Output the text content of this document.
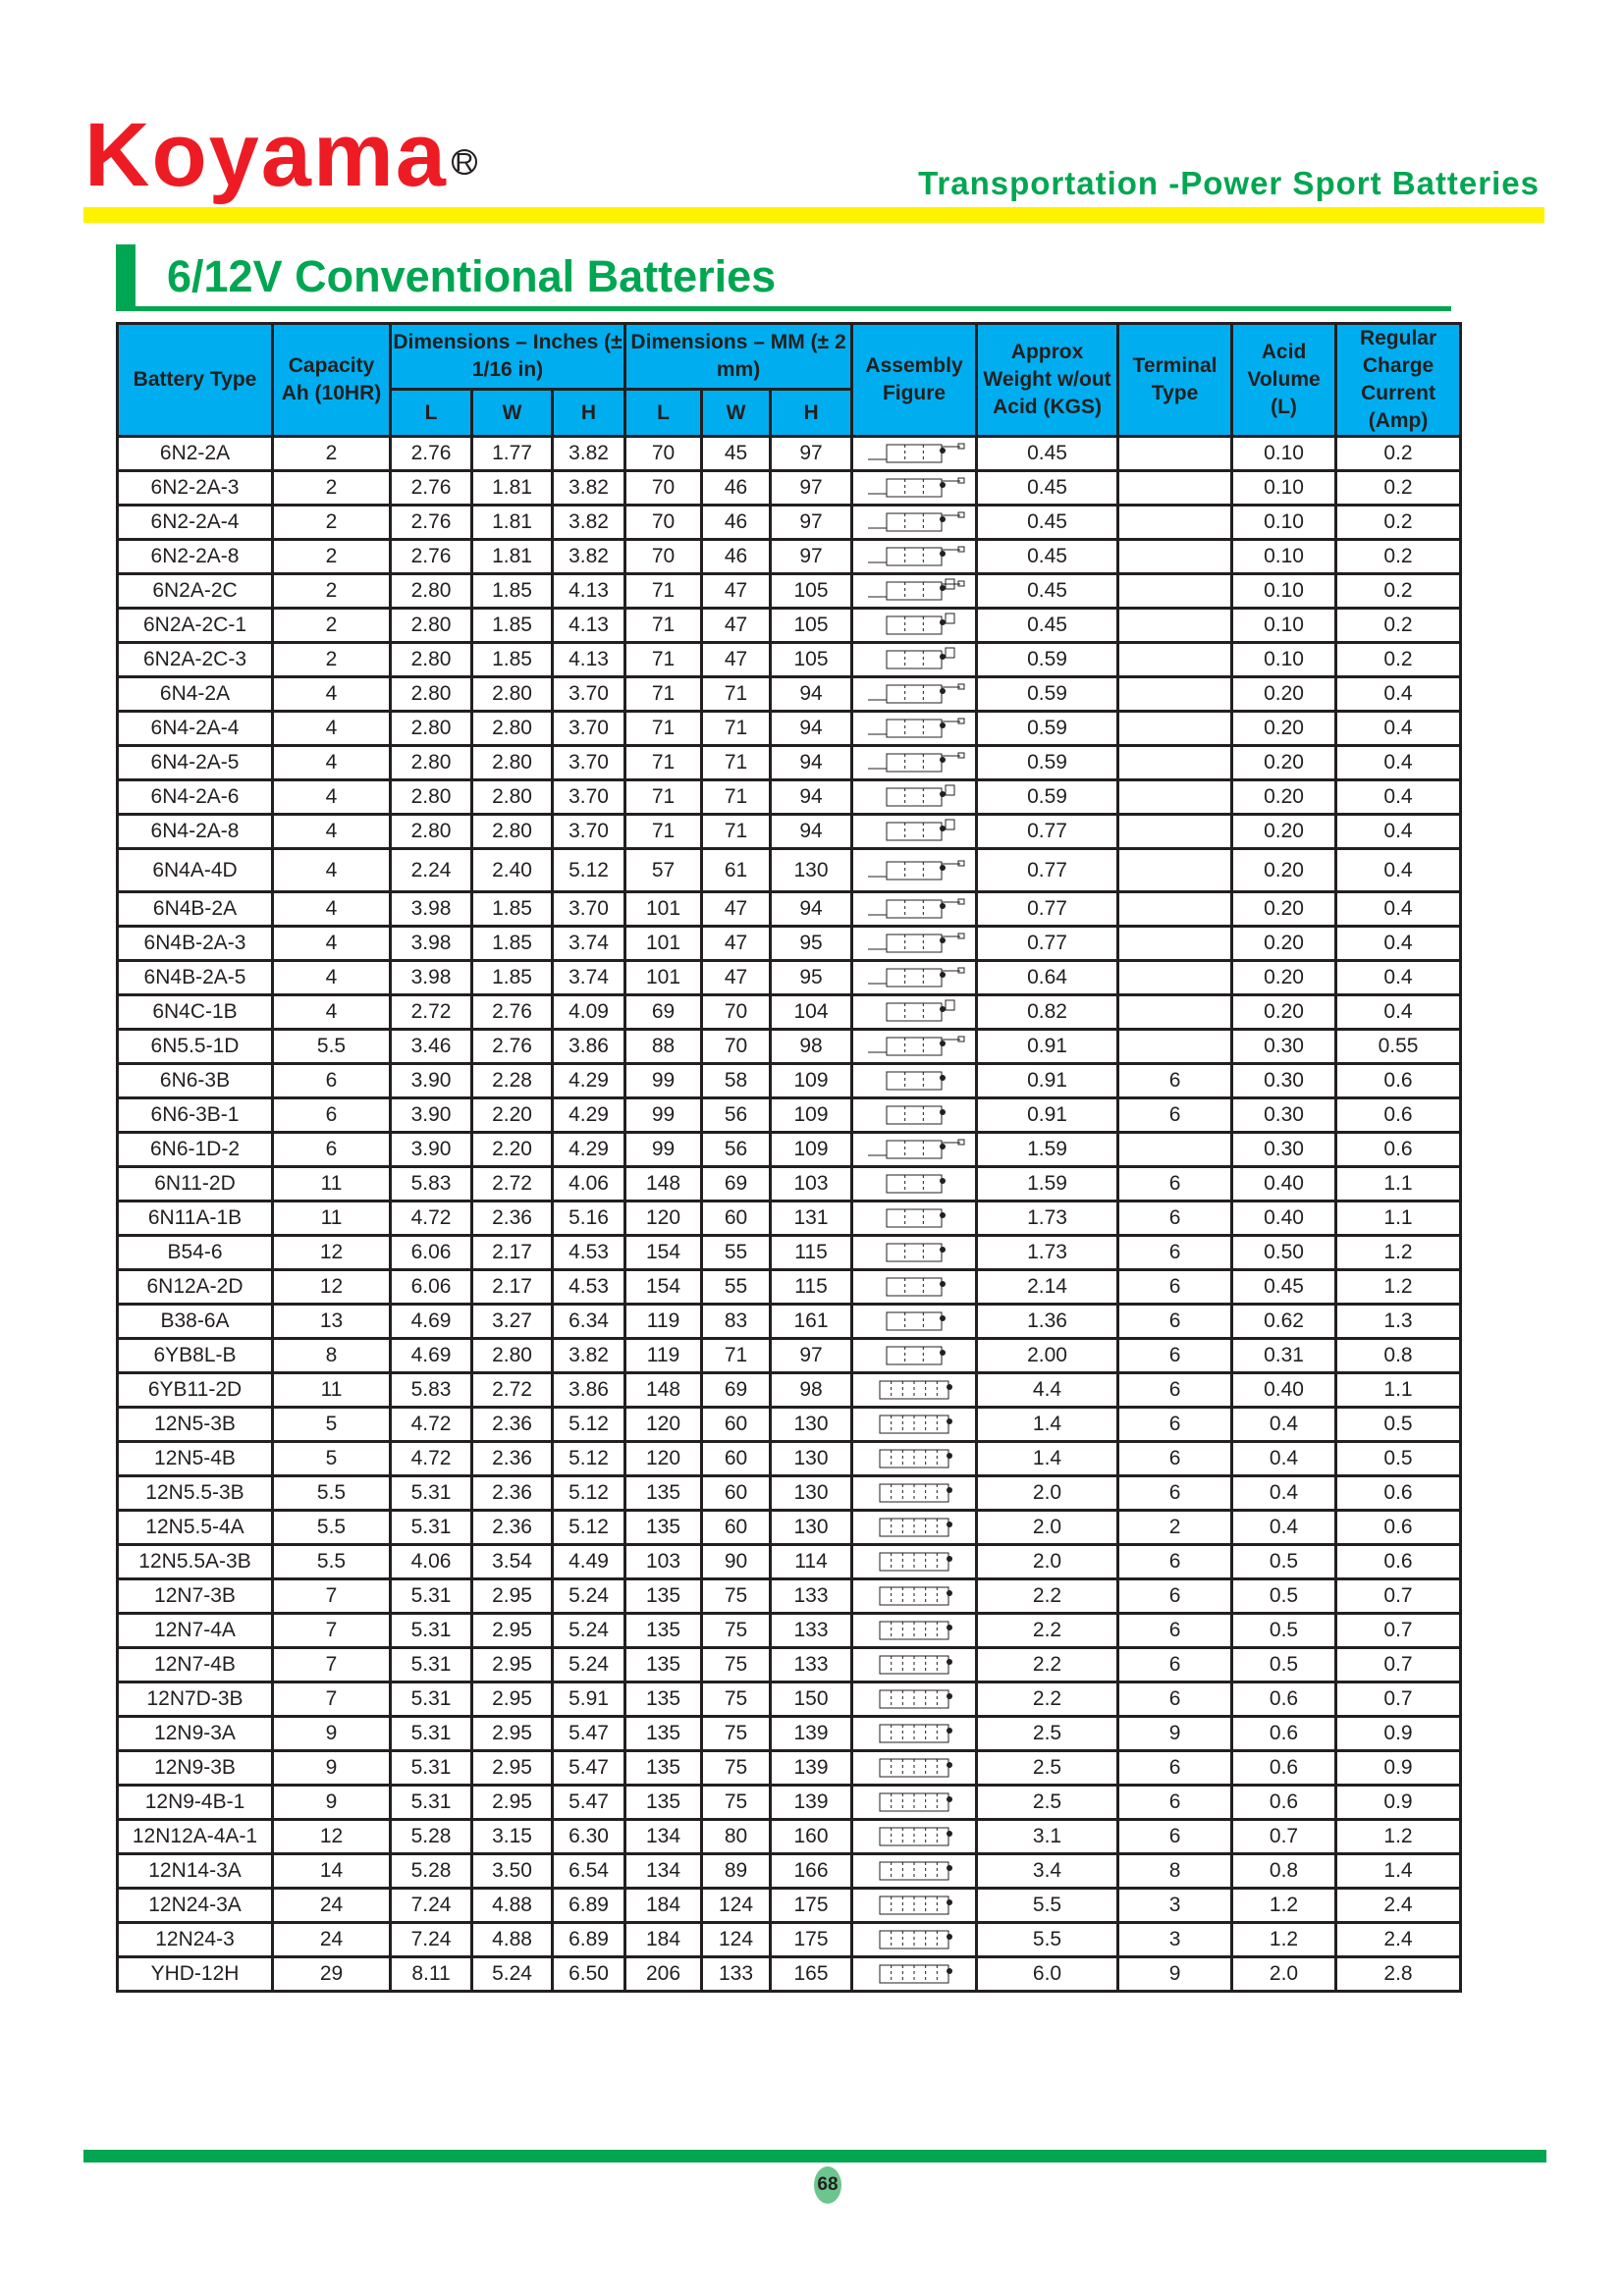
Koyama R
Transportation -Power Sport Batteries
6/12V Conventional Batteries
Battery Type	Capacity Ah (10HR)	Dimensions – Inches (± 1/16 in)			Dimensions – MM (± 2 mm)			Assembly Figure	Approx Weight w/out Acid (KGS)	Terminal Type	Acid Volume (L)	Regular Charge Current (Amp)
		L	W	H	L	W	H					
6N2-2A	2	2.76	1.77	3.82	70	45	97		0.45		0.10	0.2
6N2-2A-3	2	2.76	1.81	3.82	70	46	97		0.45		0.10	0.2
6N2-2A-4	2	2.76	1.81	3.82	70	46	97		0.45		0.10	0.2
6N2-2A-8	2	2.76	1.81	3.82	70	46	97		0.45		0.10	0.2
6N2A-2C	2	2.80	1.85	4.13	71	47	105		0.45		0.10	0.2
6N2A-2C-1	2	2.80	1.85	4.13	71	47	105		0.45		0.10	0.2
6N2A-2C-3	2	2.80	1.85	4.13	71	47	105		0.59		0.10	0.2
6N4-2A	4	2.80	2.80	3.70	71	71	94		0.59		0.20	0.4
6N4-2A-4	4	2.80	2.80	3.70	71	71	94		0.59		0.20	0.4
6N4-2A-5	4	2.80	2.80	3.70	71	71	94		0.59		0.20	0.4
6N4-2A-6	4	2.80	2.80	3.70	71	71	94		0.59		0.20	0.4
6N4-2A-8	4	2.80	2.80	3.70	71	71	94		0.77		0.20	0.4
6N4A-4D	4	2.24	2.40	5.12	57	61	130		0.77		0.20	0.4
6N4B-2A	4	3.98	1.85	3.70	101	47	94		0.77		0.20	0.4
6N4B-2A-3	4	3.98	1.85	3.74	101	47	95		0.77		0.20	0.4
6N4B-2A-5	4	3.98	1.85	3.74	101	47	95		0.64		0.20	0.4
6N4C-1B	4	2.72	2.76	4.09	69	70	104		0.82		0.20	0.4
6N5.5-1D	5.5	3.46	2.76	3.86	88	70	98		0.91		0.30	0.55
6N6-3B	6	3.90	2.28	4.29	99	58	109		0.91	6	0.30	0.6
6N6-3B-1	6	3.90	2.20	4.29	99	56	109		0.91	6	0.30	0.6
6N6-1D-2	6	3.90	2.20	4.29	99	56	109		1.59		0.30	0.6
6N11-2D	11	5.83	2.72	4.06	148	69	103		1.59	6	0.40	1.1
6N11A-1B	11	4.72	2.36	5.16	120	60	131		1.73	6	0.40	1.1
B54-6	12	6.06	2.17	4.53	154	55	115		1.73	6	0.50	1.2
6N12A-2D	12	6.06	2.17	4.53	154	55	115		2.14	6	0.45	1.2
B38-6A	13	4.69	3.27	6.34	119	83	161		1.36	6	0.62	1.3
6YB8L-B	8	4.69	2.80	3.82	119	71	97		2.00	6	0.31	0.8
6YB11-2D	11	5.83	2.72	3.86	148	69	98		4.4	6	0.40	1.1
12N5-3B	5	4.72	2.36	5.12	120	60	130		1.4	6	0.4	0.5
12N5-4B	5	4.72	2.36	5.12	120	60	130		1.4	6	0.4	0.5
12N5.5-3B	5.5	5.31	2.36	5.12	135	60	130		2.0	6	0.4	0.6
12N5.5-4A	5.5	5.31	2.36	5.12	135	60	130		2.0	2	0.4	0.6
12N5.5A-3B	5.5	4.06	3.54	4.49	103	90	114		2.0	6	0.5	0.6
12N7-3B	7	5.31	2.95	5.24	135	75	133		2.2	6	0.5	0.7
12N7-4A	7	5.31	2.95	5.24	135	75	133		2.2	6	0.5	0.7
12N7-4B	7	5.31	2.95	5.24	135	75	133		2.2	6	0.5	0.7
12N7D-3B	7	5.31	2.95	5.91	135	75	150		2.2	6	0.6	0.7
12N9-3A	9	5.31	2.95	5.47	135	75	139		2.5	9	0.6	0.9
12N9-3B	9	5.31	2.95	5.47	135	75	139		2.5	6	0.6	0.9
12N9-4B-1	9	5.31	2.95	5.47	135	75	139		2.5	6	0.6	0.9
12N12A-4A-1	12	5.28	3.15	6.30	134	80	160		3.1	6	0.7	1.2
12N14-3A	14	5.28	3.50	6.54	134	89	166		3.4	8	0.8	1.4
12N24-3A	24	7.24	4.88	6.89	184	124	175		5.5	3	1.2	2.4
12N24-3	24	7.24	4.88	6.89	184	124	175		5.5	3	1.2	2.4
YHD-12H	29	8.11	5.24	6.50	206	133	165		6.0	9	2.0	2.8
68
